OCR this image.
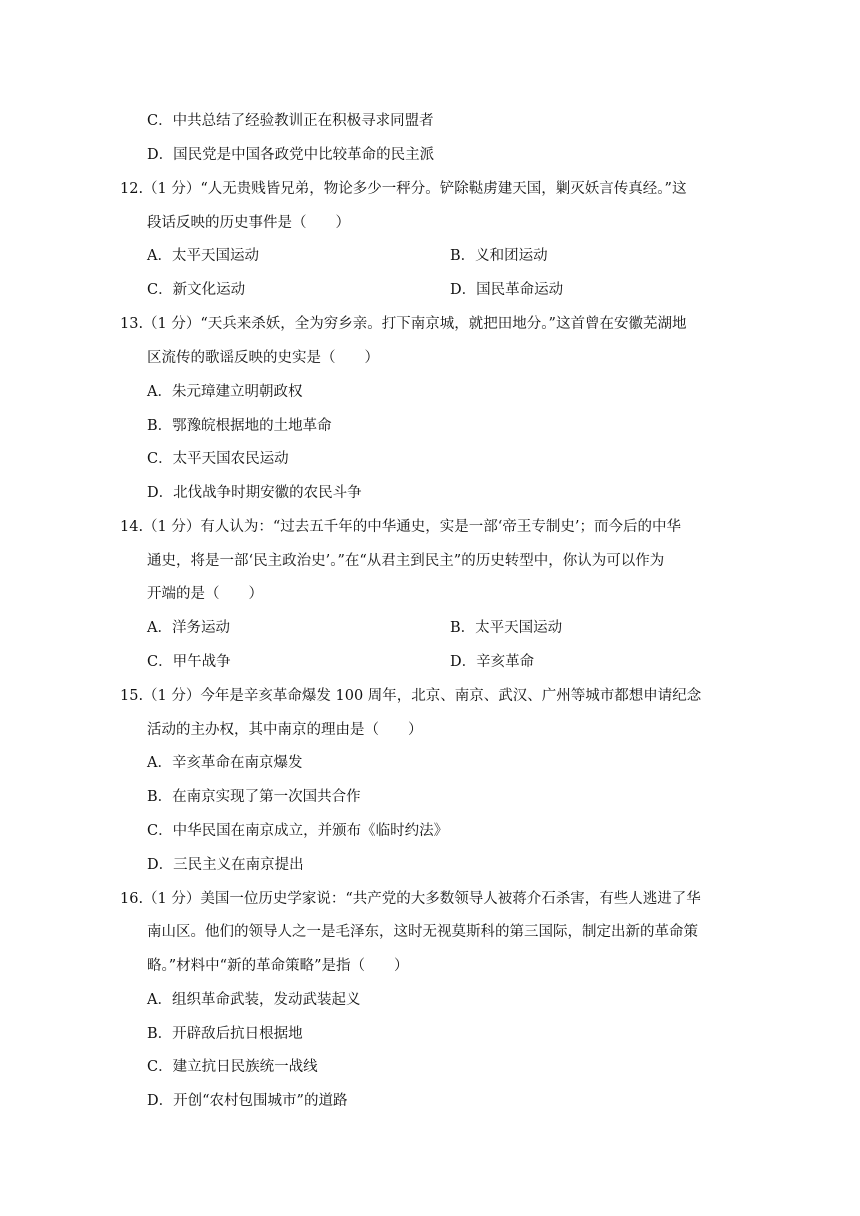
C．中共总结了经验教训正在积极寻求同盟者
D．国民党是中国各政党中比较革命的民主派
12.（1 分）“人无贵贱皆兄弟，物论多少一秤分。铲除鞑虏建天国，剿灭妖言传真经。”这
段话反映的历史事件是（　　）
A．太平天国运动	B．义和团运动
C．新文化运动	D．国民革命运动
13.（1 分）“天兵来杀妖，全为穷乡亲。打下南京城，就把田地分。”这首曾在安徽芜湖地
区流传的歌谣反映的史实是（　　）
A．朱元璋建立明朝政权
B．鄂豫皖根据地的土地革命
C．太平天国农民运动
D．北伐战争时期安徽的农民斗争
14.（1 分）有人认为：“过去五千年的中华通史，实是一部‘帝王专制史’；而今后的中华
通史，将是一部‘民主政治史’。”在“从君主到民主”的历史转型中，你认为可以作为
开端的是（　　）
A．洋务运动	B．太平天国运动
C．甲午战争	D．辛亥革命
15.（1 分）今年是辛亥革命爆发 100 周年，北京、南京、武汉、广州等城市都想申请纪念
活动的主办权，其中南京的理由是（　　）
A．辛亥革命在南京爆发
B．在南京实现了第一次国共合作
C．中华民国在南京成立，并颁布《临时约法》
D．三民主义在南京提出
16.（1 分）美国一位历史学家说：“共产党的大多数领导人被蒋介石杀害，有些人逃进了华
南山区。他们的领导人之一是毛泽东，这时无视莫斯科的第三国际，制定出新的革命策
略。”材料中“新的革命策略”是指（　　）
A．组织革命武装，发动武装起义
B．开辟敌后抗日根据地
C．建立抗日民族统一战线
D．开创“农村包围城市”的道路
